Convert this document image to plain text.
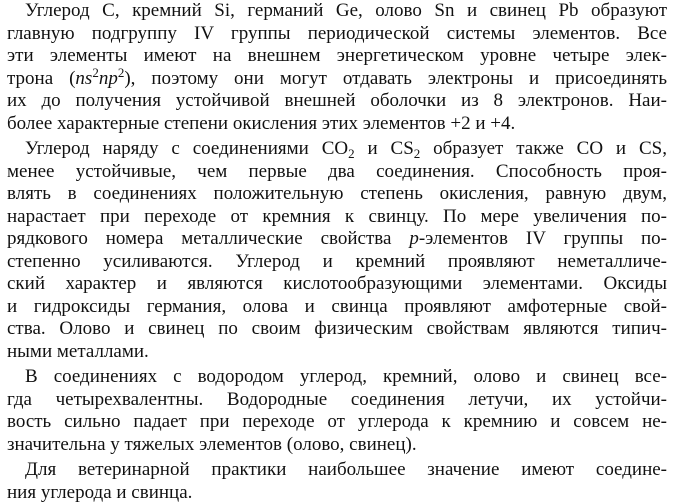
Углерод С, кремний Si, германий Ge, олово Sn и свинец Pb образуют
главную подгруппу IV группы периодической системы элементов. Все
эти элементы имеют на внешнем энергетическом уровне четыре элек-
трона $(ns^2np^2)$, поэтому они могут отдавать электроны и присоединять
их до получения устойчивой внешней оболочки из 8 электронов. Наи-
более характерные степени окисления этих элементов +2 и +4.
Углерод наряду с соединениями $CO_2$ и $CS_2$ образует также CO и CS,
менее устойчивые, чем первые два соединения. Способность проя-
влять в соединениях положительную степень окисления, равную двум,
нарастает при переходе от кремния к свинцу. По мере увеличения по-
рядкового номера металлические свойства p-элементов IV группы по-
степенно усиливаются. Углерод и кремний проявляют неметалличе-
ский характер и являются кислотообразующими элементами. Оксиды
и гидроксиды германия, олова и свинца проявляют амфотерные свой-
ства. Олово и свинец по своим физическим свойствам являются типич-
ными металлами.
В соединениях с водородом углерод, кремний, олово и свинец все-
гда четырехвалентны. Водородные соединения летучи, их устойчи-
вость сильно падает при переходе от углерода к кремнию и совсем не-
значительна у тяжелых элементов (олово, свинец).
Для ветеринарной практики наибольшее значение имеют соедине-
ния углерода и свинца.
